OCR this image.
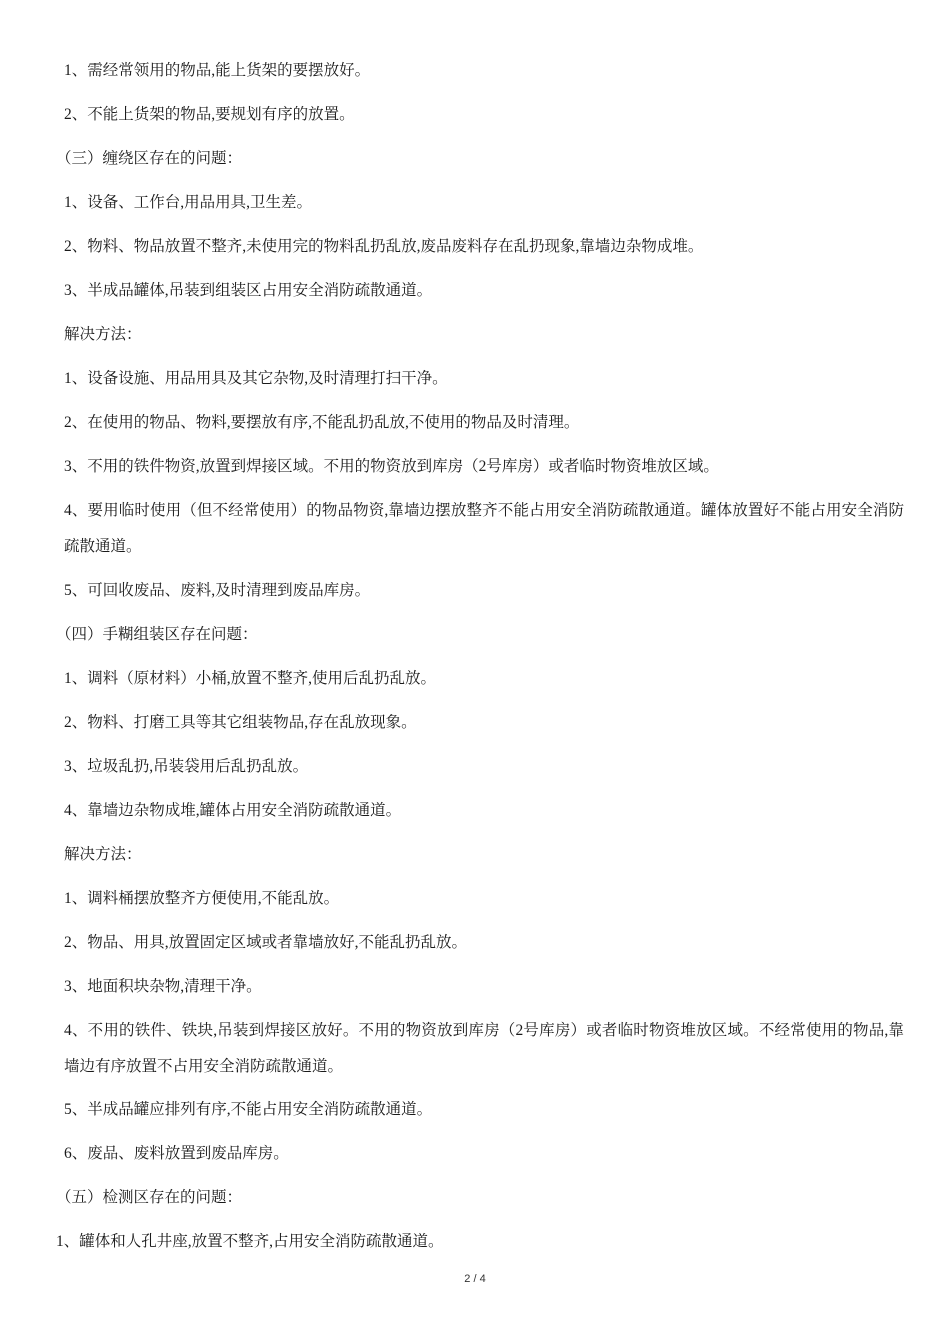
1、需经常领用的物品,能上货架的要摆放好。
2、不能上货架的物品,要规划有序的放置。
（三）缠绕区存在的问题：
1、设备、工作台,用品用具,卫生差。
2、物料、物品放置不整齐,未使用完的物料乱扔乱放,废品废料存在乱扔现象,靠墙边杂物成堆。
3、半成品罐体,吊装到组装区占用安全消防疏散通道。
解决方法：
1、设备设施、用品用具及其它杂物,及时清理打扫干净。
2、在使用的物品、物料,要摆放有序,不能乱扔乱放,不使用的物品及时清理。
3、不用的铁件物资,放置到焊接区域。不用的物资放到库房（2号库房）或者临时物资堆放区域。
4、要用临时使用（但不经常使用）的物品物资,靠墙边摆放整齐不能占用安全消防疏散通道。罐体放置好不能占用安全消防疏散通道。
5、可回收废品、废料,及时清理到废品库房。
（四）手糊组装区存在问题：
1、调料（原材料）小桶,放置不整齐,使用后乱扔乱放。
2、物料、打磨工具等其它组装物品,存在乱放现象。
3、垃圾乱扔,吊装袋用后乱扔乱放。
4、靠墙边杂物成堆,罐体占用安全消防疏散通道。
解决方法：
1、调料桶摆放整齐方便使用,不能乱放。
2、物品、用具,放置固定区域或者靠墙放好,不能乱扔乱放。
3、地面积块杂物,清理干净。
4、不用的铁件、铁块,吊装到焊接区放好。不用的物资放到库房（2号库房）或者临时物资堆放区域。不经常使用的物品,靠墙边有序放置不占用安全消防疏散通道。
5、半成品罐应排列有序,不能占用安全消防疏散通道。
6、废品、废料放置到废品库房。
（五）检测区存在的问题：
1、罐体和人孔井座,放置不整齐,占用安全消防疏散通道。
2 / 4
